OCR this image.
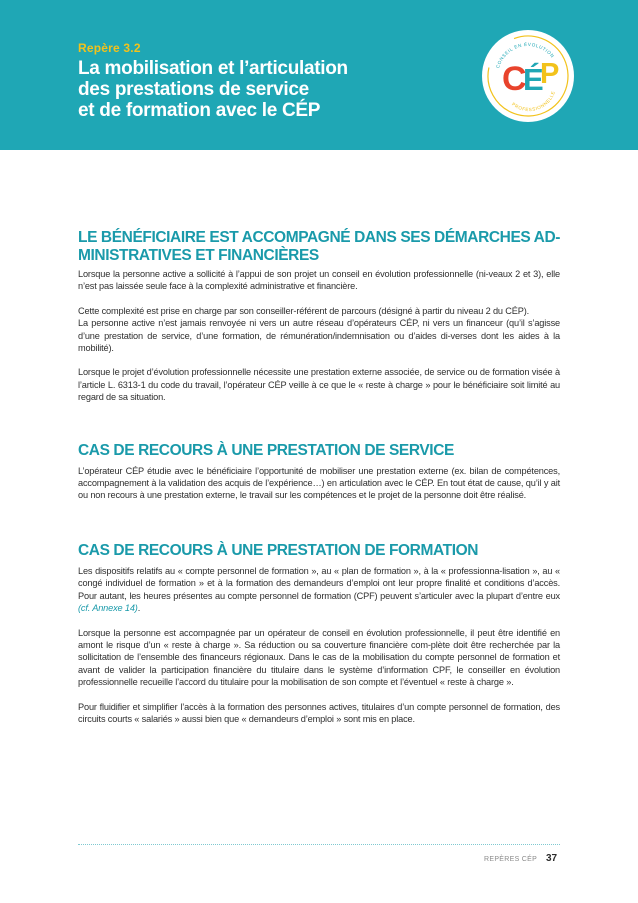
Repère 3.2
La mobilisation et l’articulation
des prestations de service
et de formation avec le CÉP
CONSEIL EN ÉVOLUTION
C
É
P
PROFESSIONNELLE
LE BÉNÉFICIAIRE EST ACCOMPAGNÉ DANS SES DÉMARCHES AD-MINISTRATIVES ET FINANCIÈRES

Lorsque la personne active a sollicité à l’appui de son projet un conseil en évolution professionnelle (ni-veaux 2 et 3), elle n’est pas laissée seule face à la complexité administrative et financière.

Cette complexité est prise en charge par son conseiller-référent de parcours (désigné à partir du niveau 2 du CÉP).

La personne active n’est jamais renvoyée ni vers un autre réseau d’opérateurs CÉP, ni vers un financeur (qu’il s’agisse d’une prestation de service, d’une formation, de rémunération/indemnisation ou d’aides di-verses dont les aides à la mobilité).

Lorsque le projet d’évolution professionnelle nécessite une prestation externe associée, de service ou de formation visée à l’article L. 6313-1 du code du travail, l’opérateur CÉP veille à ce que le « reste à charge » pour le bénéficiaire soit limité au regard de sa situation.

CAS DE RECOURS À UNE PRESTATION DE SERVICE

L’opérateur CÉP étudie avec le bénéficiaire l’opportunité de mobiliser une prestation externe (ex. bilan de compétences, accompagnement à la validation des acquis de l’expérience…) en articulation avec le CÉP. En tout état de cause, qu’il y ait ou non recours à une prestation externe, le travail sur les compétences et le projet de la personne doit être réalisé.

CAS DE RECOURS À UNE PRESTATION DE FORMATION

Les dispositifs relatifs au « compte personnel de formation », au « plan de formation », à la « professionna-lisation », au « congé individuel de formation » et à la formation des demandeurs d’emploi ont leur propre finalité et conditions d’accès. Pour autant, les heures présentes au compte personnel de formation (CPF) peuvent s’articuler avec la plupart d’entre eux (cf. Annexe 14).

Lorsque la personne est accompagnée par un opérateur de conseil en évolution professionnelle, il peut être identifié en amont le risque d’un « reste à charge ». Sa réduction ou sa couverture financière com-plète doit être recherchée par la sollicitation de l’ensemble des financeurs régionaux. Dans le cas de la mobilisation du compte personnel de formation et avant de valider la participation financière du titulaire dans le système d’information CPF, le conseiller en évolution professionnelle recueille l’accord du titulaire pour la mobilisation de son compte et l’éventuel « reste à charge ».

Pour fluidifier et simplifier l’accès à la formation des personnes actives, titulaires d’un compte personnel de formation, des circuits courts « salariés » aussi bien que « demandeurs d’emploi » sont mis en place.

REPÈRES CÉP 37
